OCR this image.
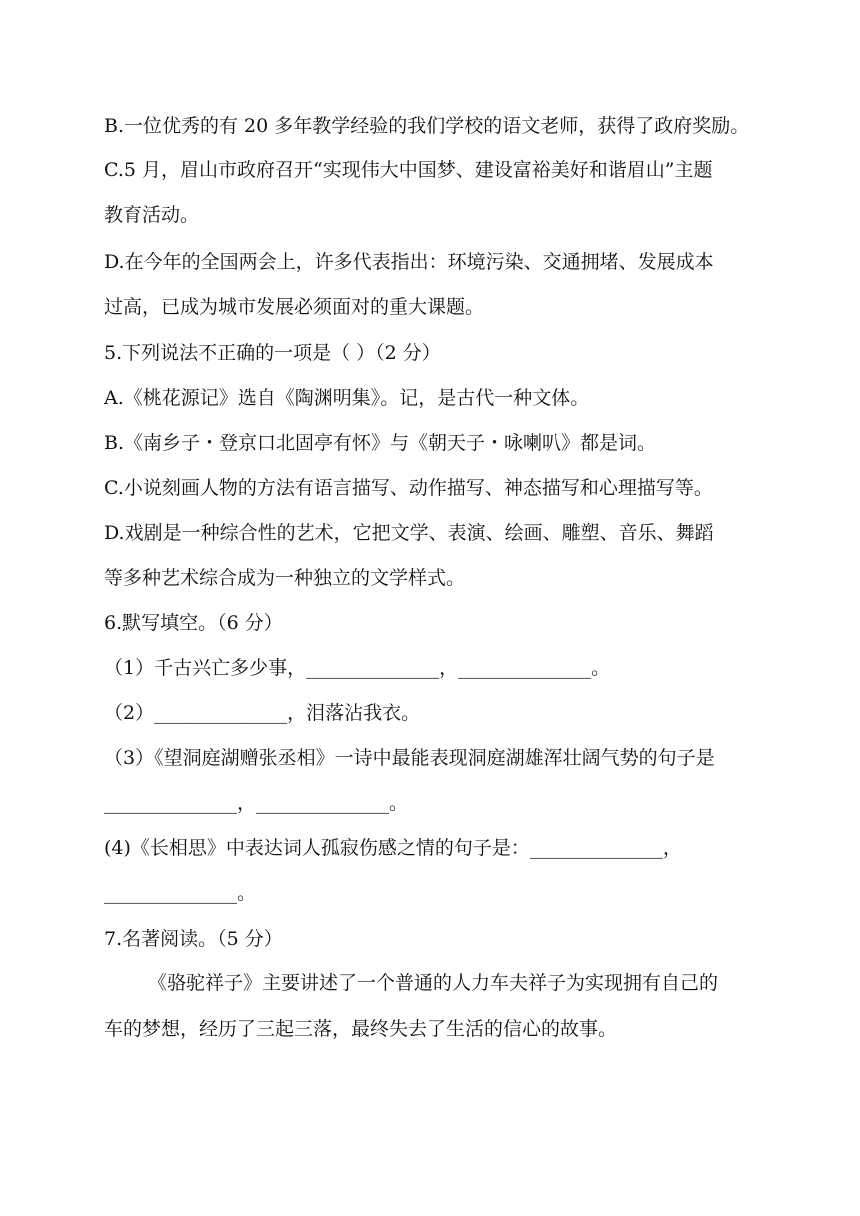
B.一位优秀的有 20 多年教学经验的我们学校的语文老师，获得了政府奖励。
C.5 月，眉山市政府召开“实现伟大中国梦、建设富裕美好和谐眉山”主题
教育活动。
D.在今年的全国两会上，许多代表指出：环境污染、交通拥堵、发展成本
过高，已成为城市发展必须面对的重大课题。
5.下列说法不正确的一项是（ ）（2 分）
A.《桃花源记》选自《陶渊明集》。记，是古代一种文体。
B.《南乡子・登京口北固亭有怀》与《朝天子・咏喇叭》都是词。
C.小说刻画人物的方法有语言描写、动作描写、神态描写和心理描写等。
D.戏剧是一种综合性的艺术，它把文学、表演、绘画、雕塑、音乐、舞蹈
等多种艺术综合成为一种独立的文学样式。
6.默写填空。（6 分）
（1）千古兴亡多少事，______________，______________。
（2）______________，泪落沾我衣。
（3）《望洞庭湖赠张丞相》一诗中最能表现洞庭湖雄浑壮阔气势的句子是
______________，______________。
(4)《长相思》中表达词人孤寂伤感之情的句子是：______________，
______________。
7.名著阅读。（5 分）
《骆驼祥子》主要讲述了一个普通的人力车夫祥子为实现拥有自己的
车的梦想，经历了三起三落，最终失去了生活的信心的故事。
